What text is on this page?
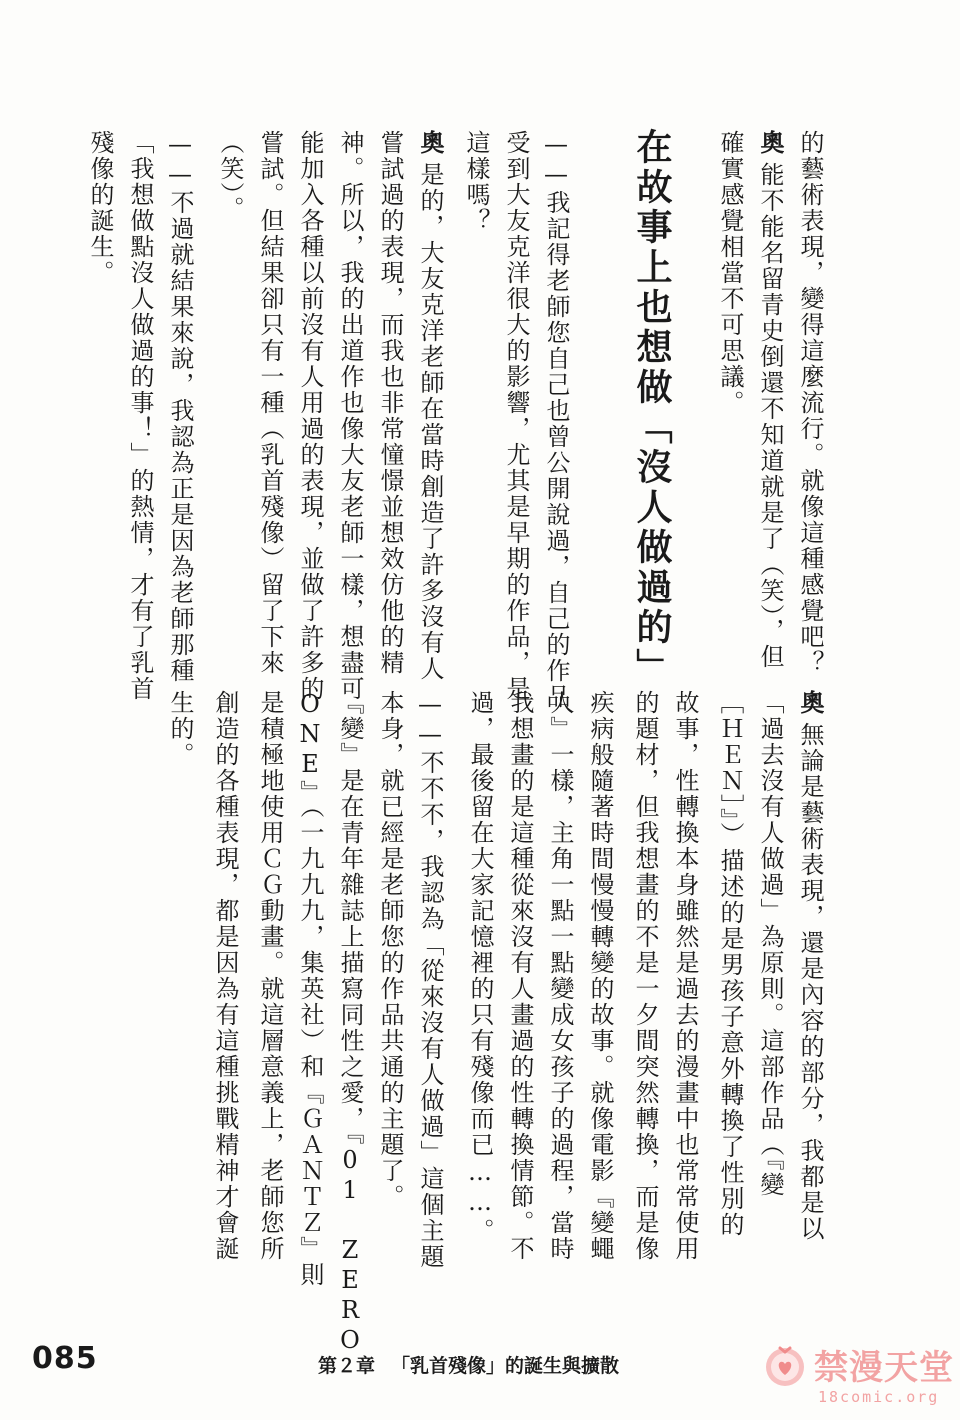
的藝術表現，變得這麼流行。就像這種感覺吧？
奧能不能名留青史倒還不知道就是了（笑），但
確實感覺相當不可思議。
在故事上也想做「沒人做過的」
——我記得老師您自己也曾公開說過，自己的作品
受到大友克洋很大的影響，尤其是早期的作品，是
這樣嗎？
奧是的，大友克洋老師在當時創造了許多沒有人
嘗試過的表現，而我也非常憧憬並想效仿他的精
神。所以，我的出道作也像大友老師一樣，想盡可
能加入各種以前沒有人用過的表現，並做了許多的
嘗試。但結果卻只有一種（乳首殘像）留了下來
（笑）。
——不過就結果來說，我認為正是因為老師那種
「我想做點沒人做過的事！」的熱情，才有了乳首
殘像的誕生。
奧無論是藝術表現，還是內容的部分，我都是以
「過去沒有人做過」為原則。這部作品（『變
［ＨＥＮ］』）描述的是男孩子意外轉換了性別的
故事，性轉換本身雖然是過去的漫畫中也常常使用
的題材，但我想畫的不是一夕間突然轉換，而是像
疾病般隨著時間慢慢轉變的故事。就像電影『變蠅
人』一樣，主角一點一點變成女孩子的過程，當時
我想畫的是這種從來沒有人畫過的性轉換情節。不
過，最後留在大家記憶裡的只有殘像而已……。
——不不不，我認為「從來沒有人做過」這個主題
本身，就已經是老師您的作品共通的主題了。
『變』是在青年雜誌上描寫同性之愛，『01 ZERO
ONE』（一九九九，集英社）和『ＧＡＮＴＺ』則
是積極地使用ＣＧ動畫。就這層意義上，老師您所
創造的各種表現，都是因為有這種挑戰精神才會誕
生的。
085	第２章 「乳首殘像」的誕生與擴散	禁漫天堂
18comic.org
